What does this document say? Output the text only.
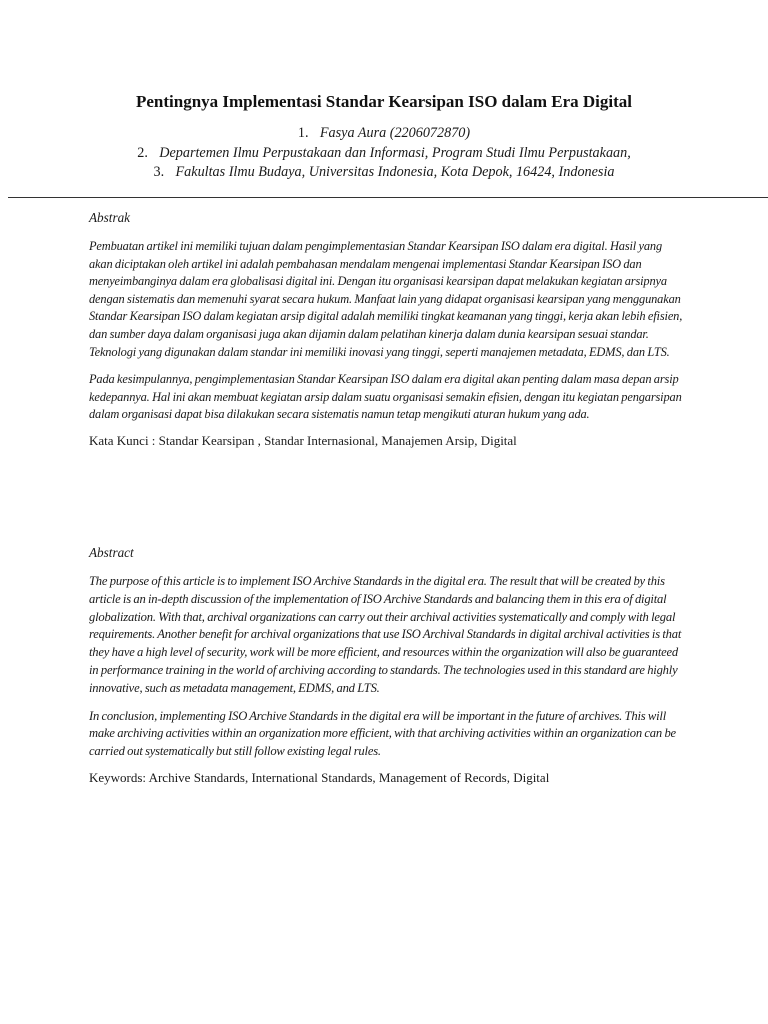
Pentingnya Implementasi Standar Kearsipan ISO dalam Era Digital
1. Fasya Aura (2206072870)
2. Departemen Ilmu Perpustakaan dan Informasi, Program Studi Ilmu Perpustakaan,
3. Fakultas Ilmu Budaya, Universitas Indonesia, Kota Depok, 16424, Indonesia

Abstrak

Pembuatan artikel ini memiliki tujuan dalam pengimplementasian Standar Kearsipan ISO dalam era digital. Hasil yang akan diciptakan oleh artikel ini adalah pembahasan mendalam mengenai implementasi Standar Kearsipan ISO dan menyeimbanginya dalam era globalisasi digital ini. Dengan itu organisasi kearsipan dapat melakukan kegiatan arsipnya dengan sistematis dan memenuhi syarat secara hukum. Manfaat lain yang didapat organisasi kearsipan yang menggunakan Standar Kearsipan ISO dalam kegiatan arsip digital adalah memiliki tingkat keamanan yang tinggi, kerja akan lebih efisien, dan sumber daya dalam organisasi juga akan dijamin dalam pelatihan kinerja dalam dunia kearsipan sesuai standar. Teknologi yang digunakan dalam standar ini memiliki inovasi yang tinggi, seperti manajemen metadata, EDMS, dan LTS.

Pada kesimpulannya, pengimplementasian Standar Kearsipan ISO dalam era digital akan penting dalam masa depan arsip kedepannya. Hal ini akan membuat kegiatan arsip dalam suatu organisasi semakin efisien, dengan itu kegiatan pengarsipan dalam organisasi dapat bisa dilakukan secara sistematis namun tetap mengikuti aturan hukum yang ada.

Kata Kunci : Standar Kearsipan , Standar Internasional, Manajemen Arsip, Digital

Abstract

The purpose of this article is to implement ISO Archive Standards in the digital era. The result that will be created by this article is an in-depth discussion of the implementation of ISO Archive Standards and balancing them in this era of digital globalization. With that, archival organizations can carry out their archival activities systematically and comply with legal requirements. Another benefit for archival organizations that use ISO Archival Standards in digital archival activities is that they have a high level of security, work will be more efficient, and resources within the organization will also be guaranteed in performance training in the world of archiving according to standards. The technologies used in this standard are highly innovative, such as metadata management, EDMS, and LTS.

In conclusion, implementing ISO Archive Standards in the digital era will be important in the future of archives. This will make archiving activities within an organization more efficient, with that archiving activities within an organization can be carried out systematically but still follow existing legal rules.

Keywords: Archive Standards, International Standards, Management of Records, Digital
